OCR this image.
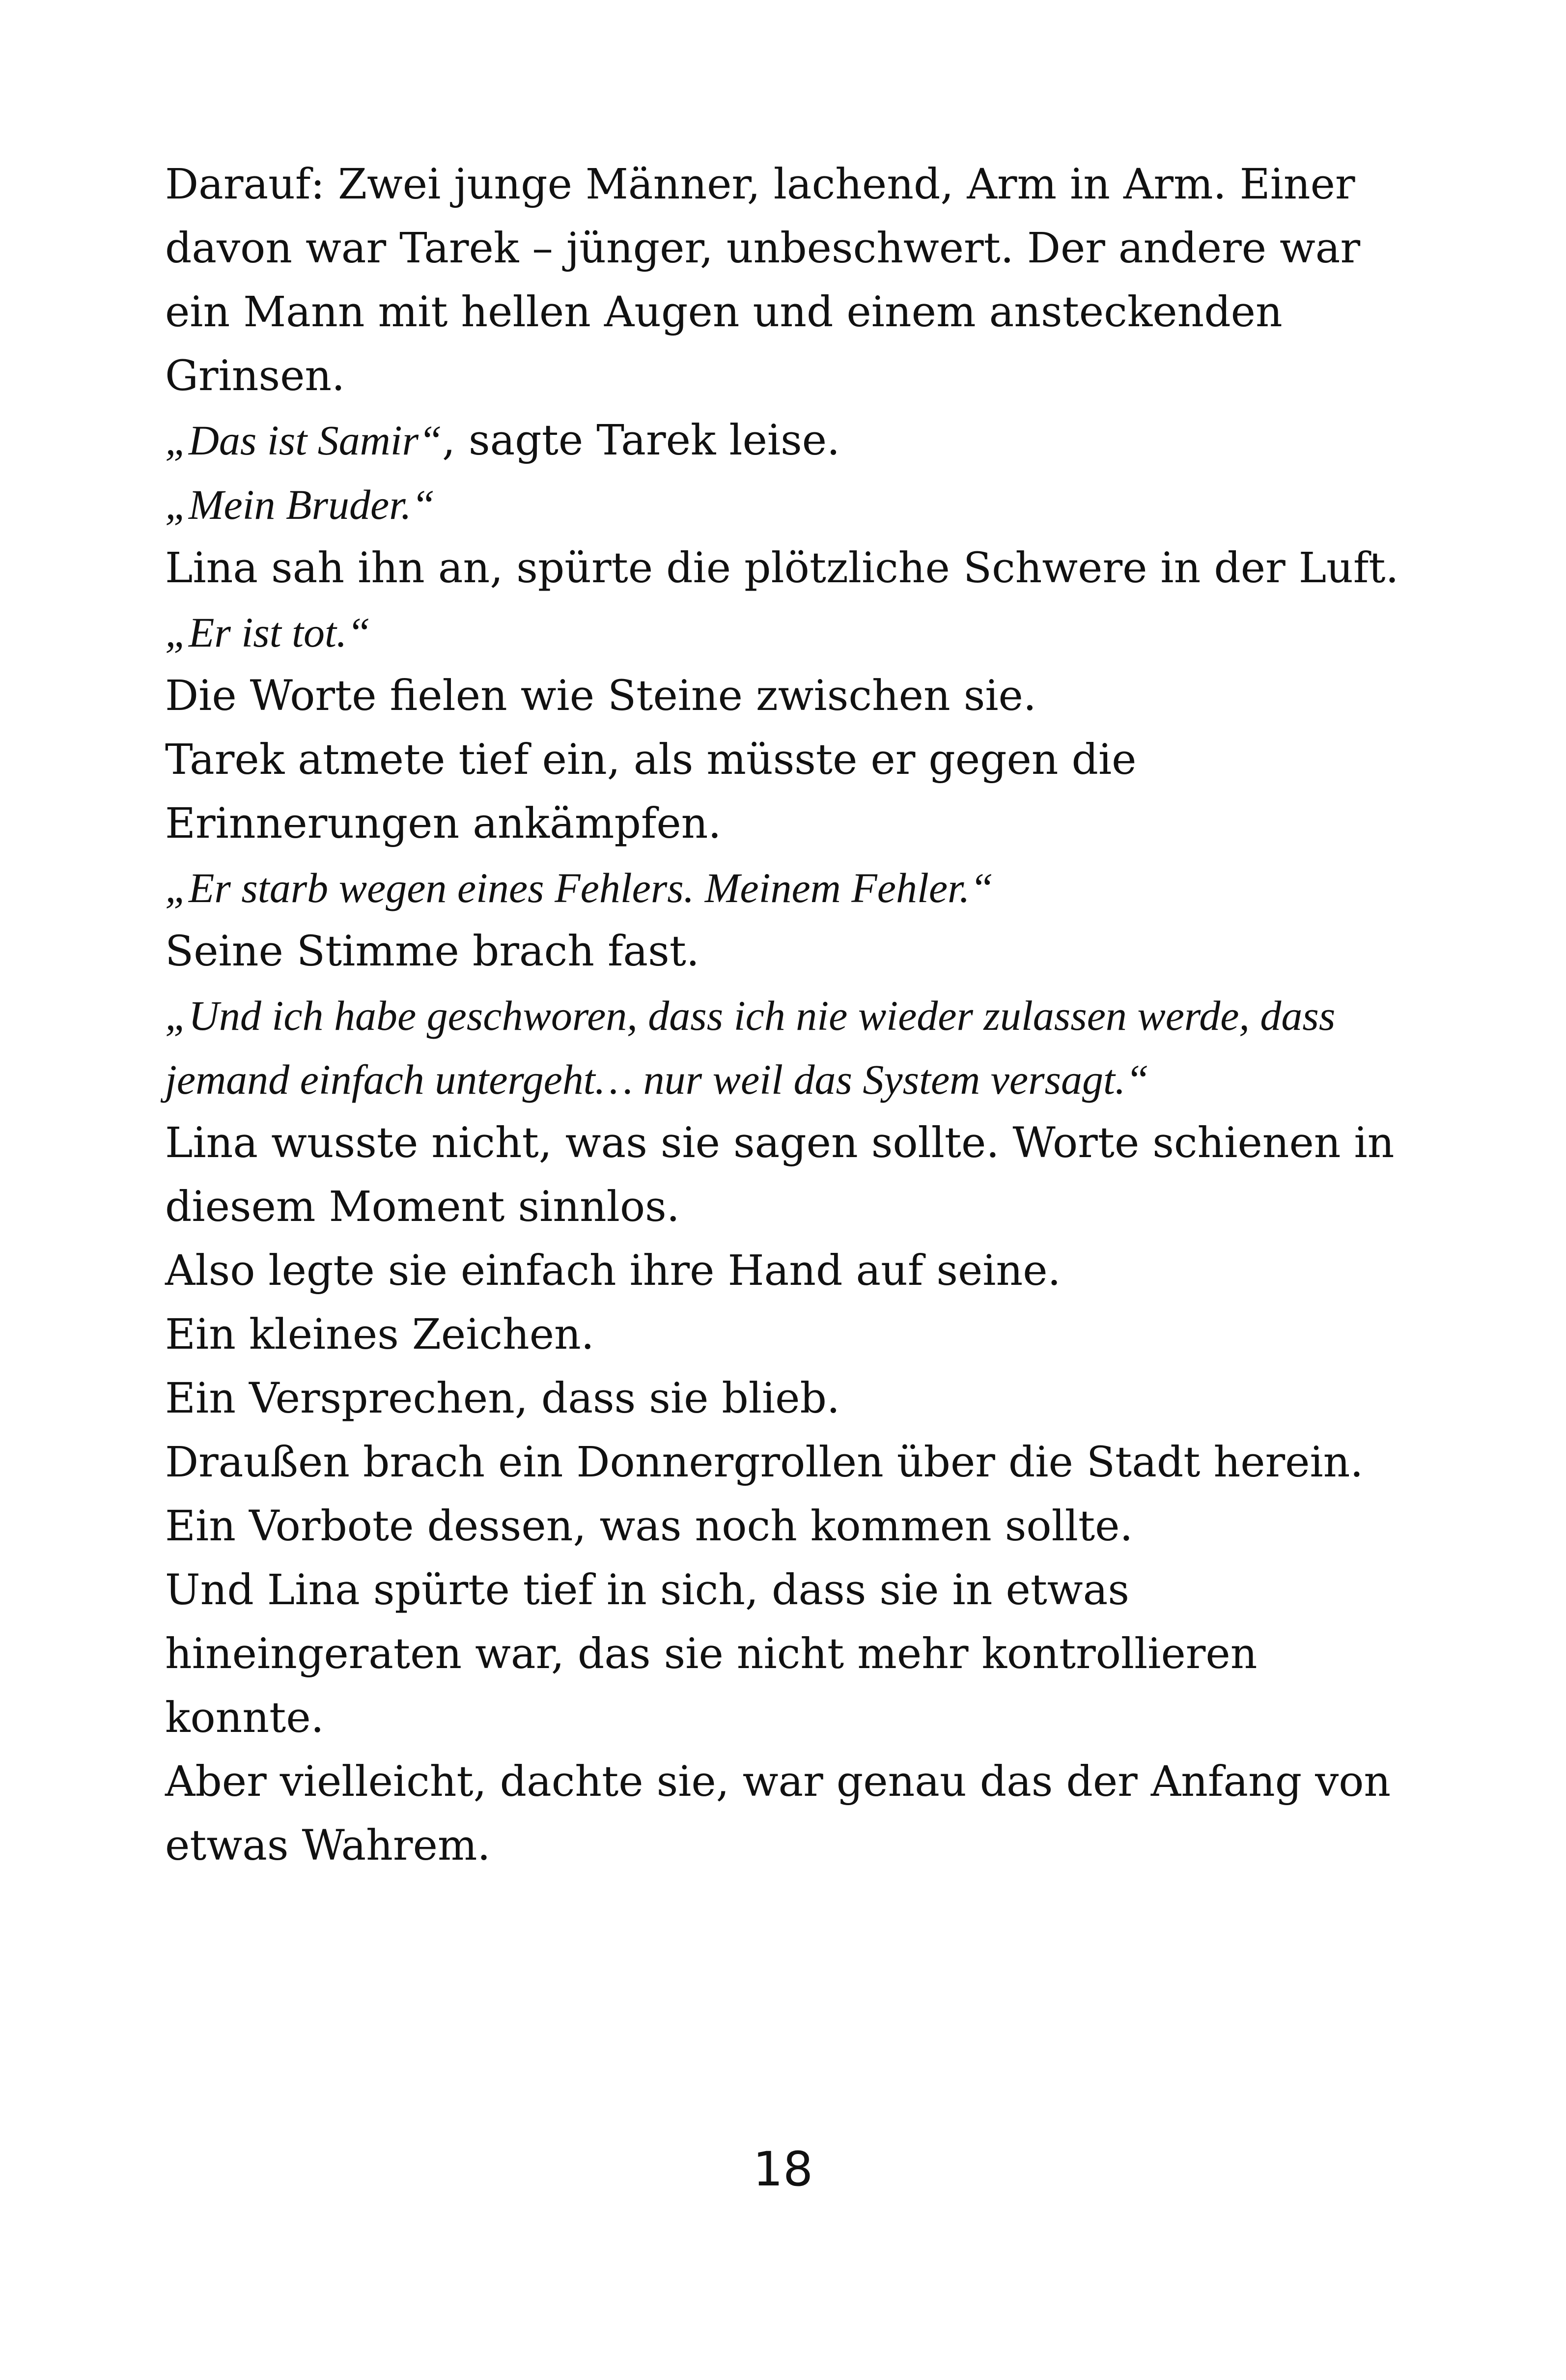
Darauf: Zwei junge Männer, lachend, Arm in Arm. Einer davon war Tarek – jünger, unbeschwert. Der andere war ein Mann mit hellen Augen und einem ansteckenden Grinsen.

„Das ist Samir“, sagte Tarek leise.

„Mein Bruder.“

Lina sah ihn an, spürte die plötzliche Schwere in der Luft.

„Er ist tot.“

Die Worte fielen wie Steine zwischen sie.

Tarek atmete tief ein, als müsste er gegen die Erinnerungen ankämpfen.

„Er starb wegen eines Fehlers. Meinem Fehler.“

Seine Stimme brach fast.

„Und ich habe geschworen, dass ich nie wieder zulassen werde, dass jemand einfach untergeht… nur weil das System versagt.“

Lina wusste nicht, was sie sagen sollte. Worte schienen in diesem Moment sinnlos.

Also legte sie einfach ihre Hand auf seine.

Ein kleines Zeichen.

Ein Versprechen, dass sie blieb.

Draußen brach ein Donnergrollen über die Stadt herein. Ein Vorbote dessen, was noch kommen sollte.

Und Lina spürte tief in sich, dass sie in etwas hineingeraten war, das sie nicht mehr kontrollieren konnte.

Aber vielleicht, dachte sie, war genau das der Anfang von etwas Wahrem.

18
